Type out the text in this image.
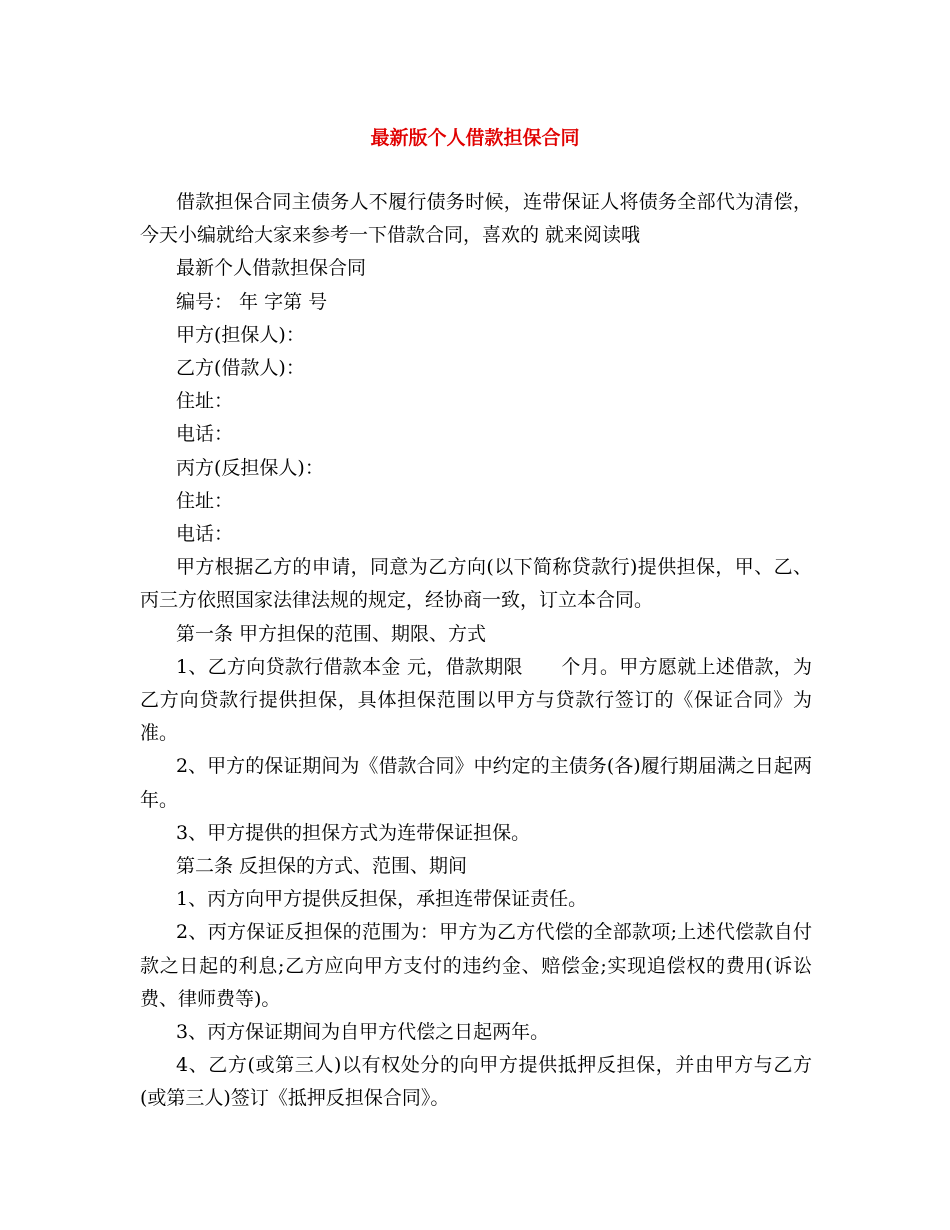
最新版个人借款担保合同

借款担保合同主债务人不履行债务时候，连带保证人将债务全部代为清偿，今天小编就给大家来参考一下借款合同，喜欢的 就来阅读哦

最新个人借款担保合同

编号： 年 字第 号

甲方(担保人)：

乙方(借款人)：

住址：

电话：

丙方(反担保人)：

住址：

电话：

甲方根据乙方的申请，同意为乙方向(以下简称贷款行)提供担保，甲、乙、丙三方依照国家法律法规的规定，经协商一致，订立本合同。

第一条 甲方担保的范围、期限、方式

1、乙方向贷款行借款本金 元，借款期限　　个月。甲方愿就上述借款，为乙方向贷款行提供担保，具体担保范围以甲方与贷款行签订的《保证合同》为准。

2、甲方的保证期间为《借款合同》中约定的主债务(各)履行期届满之日起两年。

3、甲方提供的担保方式为连带保证担保。

第二条 反担保的方式、范围、期间

1、丙方向甲方提供反担保，承担连带保证责任。

2、丙方保证反担保的范围为：甲方为乙方代偿的全部款项;上述代偿款自付款之日起的利息;乙方应向甲方支付的违约金、赔偿金;实现追偿权的费用(诉讼费、律师费等)。

3、丙方保证期间为自甲方代偿之日起两年。

4、乙方(或第三人)以有权处分的向甲方提供抵押反担保，并由甲方与乙方(或第三人)签订《抵押反担保合同》。
